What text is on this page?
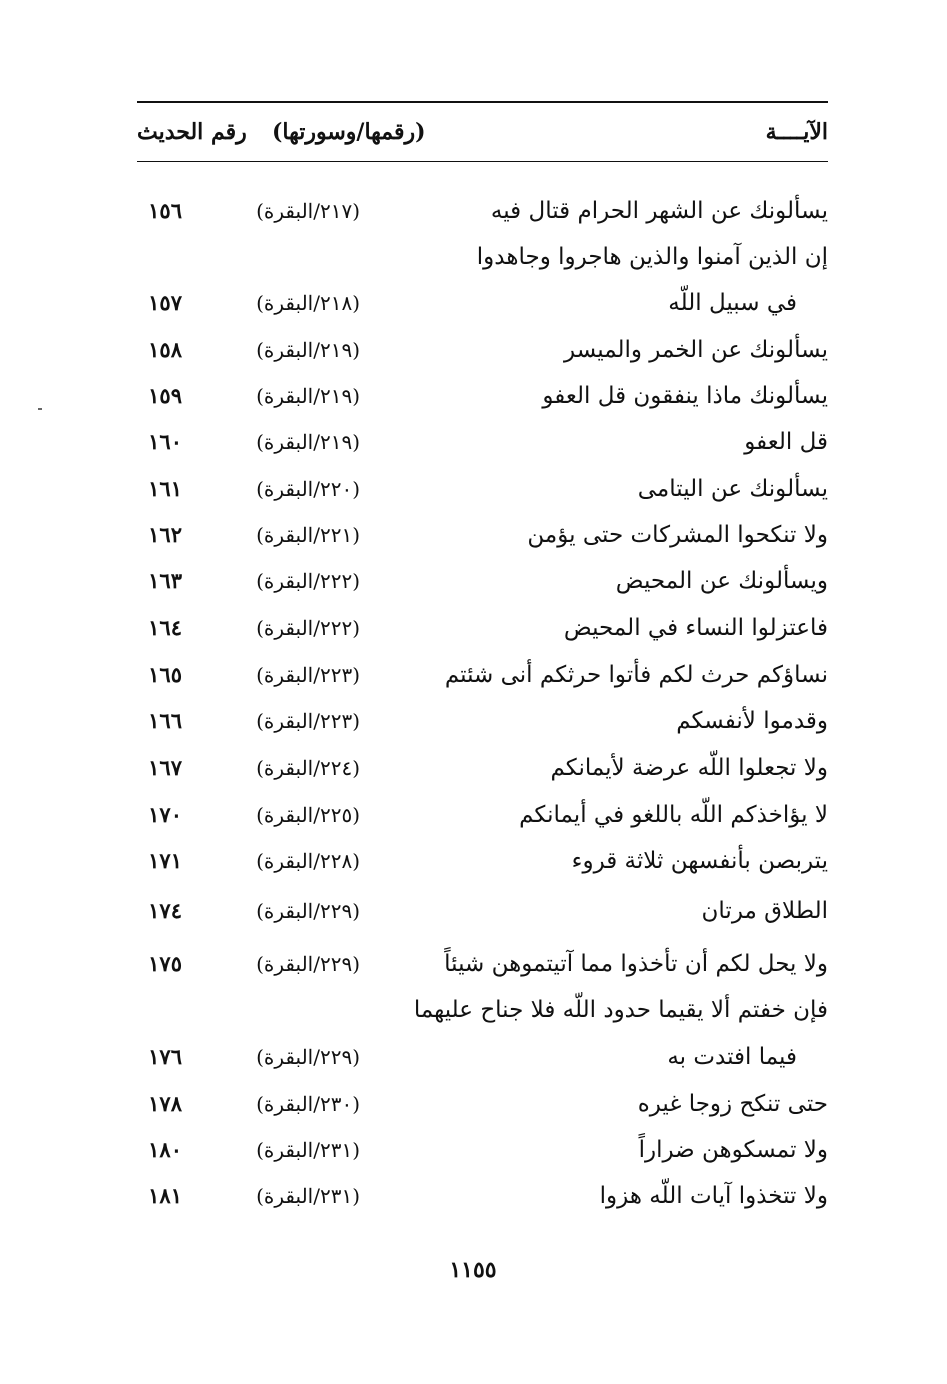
الآيــــة
(رقمها/وسورتها)
رقم الحديث
يسألونك عن الشهر الحرام قتال فيه
(٢١٧/البقرة)
١٥٦
إن الذين آمنوا والذين هاجروا وجاهدوا
في سبيل اللّه
(٢١٨/البقرة)
١٥٧
يسألونك عن الخمر والميسر
(٢١٩/البقرة)
١٥٨
يسألونك ماذا ينفقون قل العفو
(٢١٩/البقرة)
١٥٩
قل العفو
(٢١٩/البقرة)
١٦٠
يسألونك عن اليتامى
(٢٢٠/البقرة)
١٦١
ولا تنكحوا المشركات حتى يؤمن
(٢٢١/البقرة)
١٦٢
ويسألونك عن المحيض
(٢٢٢/البقرة)
١٦٣
فاعتزلوا النساء في المحيض
(٢٢٢/البقرة)
١٦٤
نساؤكم حرث لكم فأتوا حرثكم أنى شئتم
(٢٢٣/البقرة)
١٦٥
وقدموا لأنفسكم
(٢٢٣/البقرة)
١٦٦
ولا تجعلوا اللّه عرضة لأيمانكم
(٢٢٤/البقرة)
١٦٧
لا يؤاخذكم اللّه باللغو في أيمانكم
(٢٢٥/البقرة)
١٧٠
يتربصن بأنفسهن ثلاثة قروء
(٢٢٨/البقرة)
١٧١
الطلاق مرتان
(٢٢٩/البقرة)
١٧٤
ولا يحل لكم أن تأخذوا مما آتيتموهن شيئاً
(٢٢٩/البقرة)
١٧٥
فإن خفتم ألا يقيما حدود اللّه فلا جناح عليهما
فيما افتدت به
(٢٢٩/البقرة)
١٧٦
حتى تنكح زوجا غيره
(٢٣٠/البقرة)
١٧٨
ولا تمسكوهن ضراراً
(٢٣١/البقرة)
١٨٠
ولا تتخذوا آيات اللّه هزوا
(٢٣١/البقرة)
١٨١
١١٥٥
